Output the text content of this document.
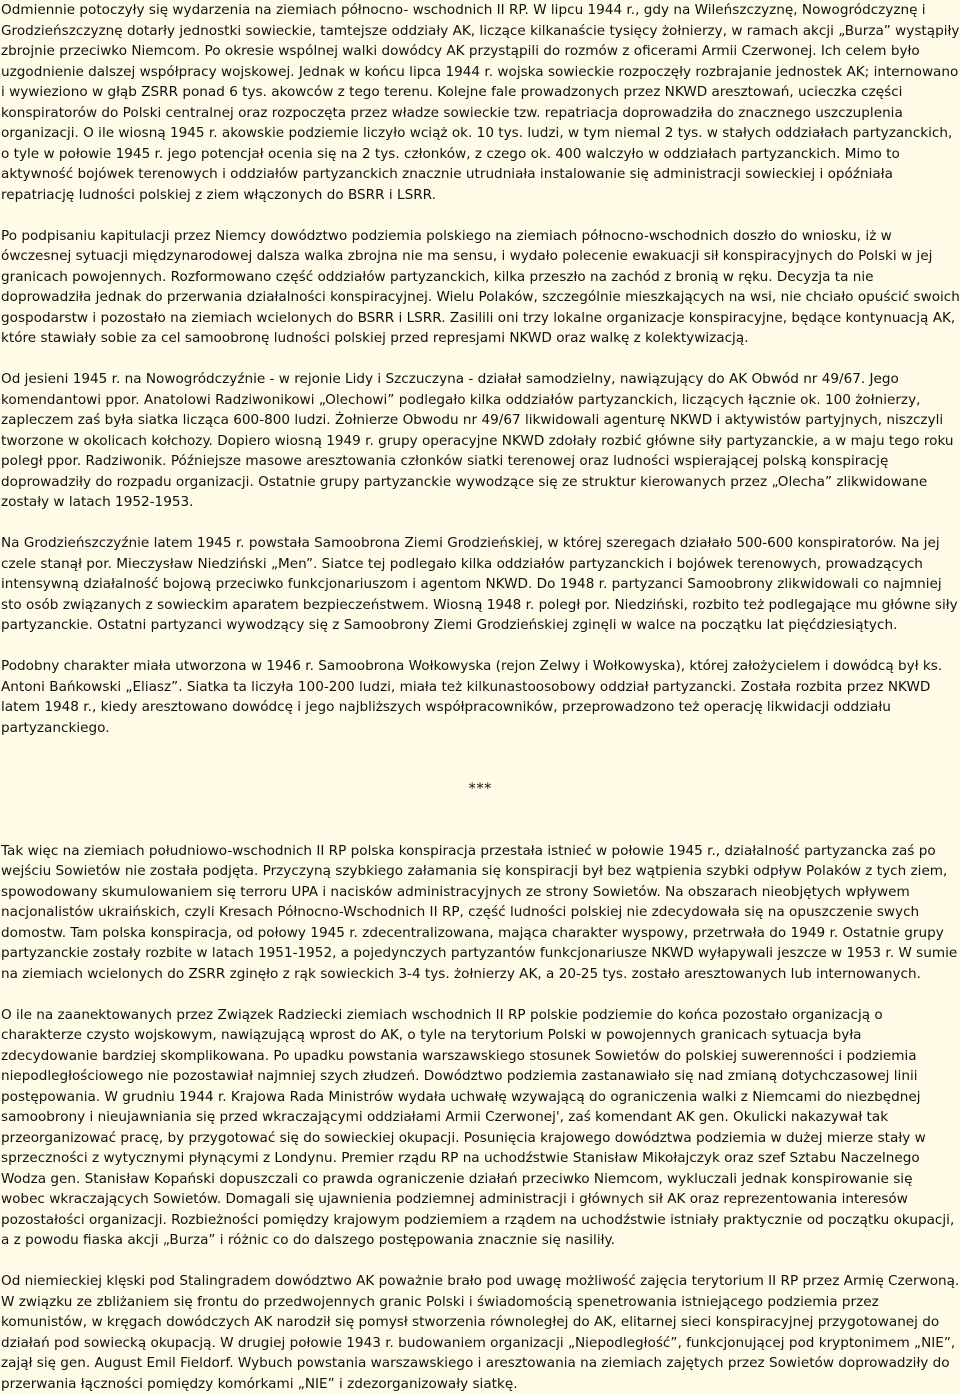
Odmiennie potoczyły się wydarzenia na ziemiach północno- wschodnich II RP. W lipcu 1944 r., gdy na Wileńszczyznę, Nowogródczyznę i Grodzieńszczyznę dotarły jednostki sowieckie, tamtejsze oddziały AK, liczące kilkanaście tysięcy żołnierzy, w ramach akcji „Burza” wystąpiły zbrojnie przeciwko Niemcom. Po okresie wspólnej walki dowódcy AK przystąpili do rozmów z oficerami Armii Czerwonej. Ich celem było uzgodnienie dalszej współpracy wojskowej. Jednak w końcu lipca 1944 r. wojska sowieckie rozpoczęły rozbrajanie jednostek AK; internowano i wywieziono w głąb ZSRR ponad 6 tys. akowców z tego terenu. Kolejne fale prowadzonych przez NKWD aresztowań, ucieczka części konspiratorów do Polski centralnej oraz rozpoczęta przez władze sowieckie tzw. repatriacja doprowadziła do znacznego uszczuplenia organizacji. O ile wiosną 1945 r. akowskie podziemie liczyło wciąż ok. 10 tys. ludzi, w tym niemal 2 tys. w stałych oddziałach partyzanckich, o tyle w połowie 1945 r. jego potencjał ocenia się na 2 tys. członków, z czego ok. 400 walczyło w oddziałach partyzanckich. Mimo to aktywność bojówek terenowych i oddziałów partyzanckich znacznie utrudniała instalowanie się administracji sowieckiej i opóźniała repatriację ludności polskiej z ziem włączonych do BSRR i LSRR.

Po podpisaniu kapitulacji przez Niemcy dowództwo podziemia polskiego na ziemiach północno-wschodnich doszło do wniosku, iż w ówczesnej sytuacji międzynarodowej dalsza walka zbrojna nie ma sensu, i wydało polecenie ewakuacji sił konspiracyjnych do Polski w jej granicach powojennych. Rozformowano część oddziałów partyzanckich, kilka przeszło na zachód z bronią w ręku. Decyzja ta nie doprowadziła jednak do przerwania działalności konspiracyjnej. Wielu Polaków, szczególnie mieszkających na wsi, nie chciało opuścić swoich gospodarstw i pozostało na ziemiach wcielonych do BSRR i LSRR. Zasilili oni trzy lokalne organizacje konspiracyjne, będące kontynuacją AK, które stawiały sobie za cel samoobronę ludności polskiej przed represjami NKWD oraz walkę z kolektywizacją.

Od jesieni 1945 r. na Nowogródczyźnie - w rejonie Lidy i Szczuczyna - działał samodzielny, nawiązujący do AK Obwód nr 49/67. Jego komendantowi ppor. Anatolowi Radziwonikowi „Olechowi” podlegało kilka oddziałów partyzanckich, liczących łącznie ok. 100 żołnierzy, zapleczem zaś była siatka licząca 600-800 ludzi. Żołnierze Obwodu nr 49/67 likwidowali agenturę NKWD i aktywistów partyjnych, niszczyli tworzone w okolicach kołchozy. Dopiero wiosną 1949 r. grupy operacyjne NKWD zdołały rozbić główne siły partyzanckie, a w maju tego roku poległ ppor. Radziwonik. Późniejsze masowe aresztowania członków siatki terenowej oraz ludności wspierającej polską konspirację doprowadziły do rozpadu organizacji. Ostatnie grupy partyzanckie wywodzące się ze struktur kierowanych przez „Olecha” zlikwidowane zostały w latach 1952-1953.

Na Grodzieńszczyźnie latem 1945 r. powstała Samoobrona Ziemi Grodzieńskiej, w której szeregach działało 500-600 konspiratorów. Na jej czele stanął por. Mieczysław Niedziński „Men”. Siatce tej podlegało kilka oddziałów partyzanckich i bojówek terenowych, prowadzących intensywną działalność bojową przeciwko funkcjonariuszom i agentom NKWD. Do 1948 r. partyzanci Samoobrony zlikwidowali co najmniej sto osób związanych z sowieckim aparatem bezpieczeństwem. Wiosną 1948 r. poległ por. Niedziński, rozbito też podlegające mu główne siły partyzanckie. Ostatni partyzanci wywodzący się z Samoobrony Ziemi Grodzieńskiej zginęli w walce na początku lat pięćdziesiątych.

Podobny charakter miała utworzona w 1946 r. Samoobrona Wołkowyska (rejon Zelwy i Wołkowyska), której założycielem i dowódcą był ks. Antoni Bańkowski „Eliasz”. Siatka ta liczyła 100-200 ludzi, miała też kilkunastoosobowy oddział partyzancki. Została rozbita przez NKWD latem 1948 r., kiedy aresztowano dowódcę i jego najbliższych współpracowników, przeprowadzono też operację likwidacji oddziału partyzanckiego.

***

Tak więc na ziemiach południowo-wschodnich II RP polska konspiracja przestała istnieć w połowie 1945 r., działalność partyzancka zaś po wejściu Sowietów nie została podjęta. Przyczyną szybkiego załamania się konspiracji był bez wątpienia szybki odpływ Polaków z tych ziem, spowodowany skumulowaniem się terroru UPA i nacisków administracyjnych ze strony Sowietów. Na obszarach nieobjętych wpływem nacjonalistów ukraińskich, czyli Kresach Północno-Wschodnich II RP, część ludności polskiej nie zdecydowała się na opuszczenie swych domostw. Tam polska konspiracja, od połowy 1945 r. zdecentralizowana, mająca charakter wyspowy, przetrwała do 1949 r. Ostatnie grupy partyzanckie zostały rozbite w latach 1951-1952, a pojedynczych partyzantów funkcjonariusze NKWD wyłapywali jeszcze w 1953 r. W sumie na ziemiach wcielonych do ZSRR zginęło z rąk sowieckich 3-4 tys. żołnierzy AK, a 20-25 tys. zostało aresztowanych lub internowanych.

O ile na zaanektowanych przez Związek Radziecki ziemiach wschodnich II RP polskie podziemie do końca pozostało organizacją o charakterze czysto wojskowym, nawiązującą wprost do AK, o tyle na terytorium Polski w powojennych granicach sytuacja była zdecydowanie bardziej skomplikowana. Po upadku powstania warszawskiego stosunek Sowietów do polskiej suwerenności i podziemia niepodległościowego nie pozostawiał najmniej szych złudzeń. Dowództwo podziemia zastanawiało się nad zmianą dotychczasowej linii postępowania. W grudniu 1944 r. Krajowa Rada Ministrów wydała uchwałę wzywającą do ograniczenia walki z Niemcami do niezbędnej samoobrony i nieujawniania się przed wkraczającymi oddziałami Armii Czerwonej', zaś komendant AK gen. Okulicki nakazywał tak przeorganizować pracę, by przygotować się do sowieckiej okupacji. Posunięcia krajowego dowództwa podziemia w dużej mierze stały w sprzeczności z wytycznymi płynącymi z Londynu. Premier rządu RP na uchodźstwie Stanisław Mikołajczyk oraz szef Sztabu Naczelnego Wodza gen. Stanisław Kopański dopuszczali co prawda ograniczenie działań przeciwko Niemcom, wykluczali jednak konspirowanie się wobec wkraczających Sowietów. Domagali się ujawnienia podziemnej administracji i głównych sił AK oraz reprezentowania interesów pozostałości organizacji. Rozbieżności pomiędzy krajowym podziemiem a rządem na uchodźstwie istniały praktycznie od początku okupacji, a z powodu fiaska akcji „Burza” i różnic co do dalszego postępowania znacznie się nasiliły.

Od niemieckiej klęski pod Stalingradem dowództwo AK poważnie brało pod uwagę możliwość zajęcia terytorium II RP przez Armię Czerwoną. W związku ze zbliżaniem się frontu do przedwojennych granic Polski i świadomością spenetrowania istniejącego podziemia przez komunistów, w kręgach dowódczych AK narodził się pomysł stworzenia równoległej do AK, elitarnej sieci konspiracyjnej przygotowanej do działań pod sowiecką okupacją. W drugiej połowie 1943 r. budowaniem organizacji „Niepodległość”, funkcjonującej pod kryptonimem „NIE”, zajął się gen. August Emil Fieldorf. Wybuch powstania warszawskiego i aresztowania na ziemiach zajętych przez Sowietów doprowadziły do przerwania łączności pomiędzy komórkami „NIE” i zdezorganizowały siatkę.
